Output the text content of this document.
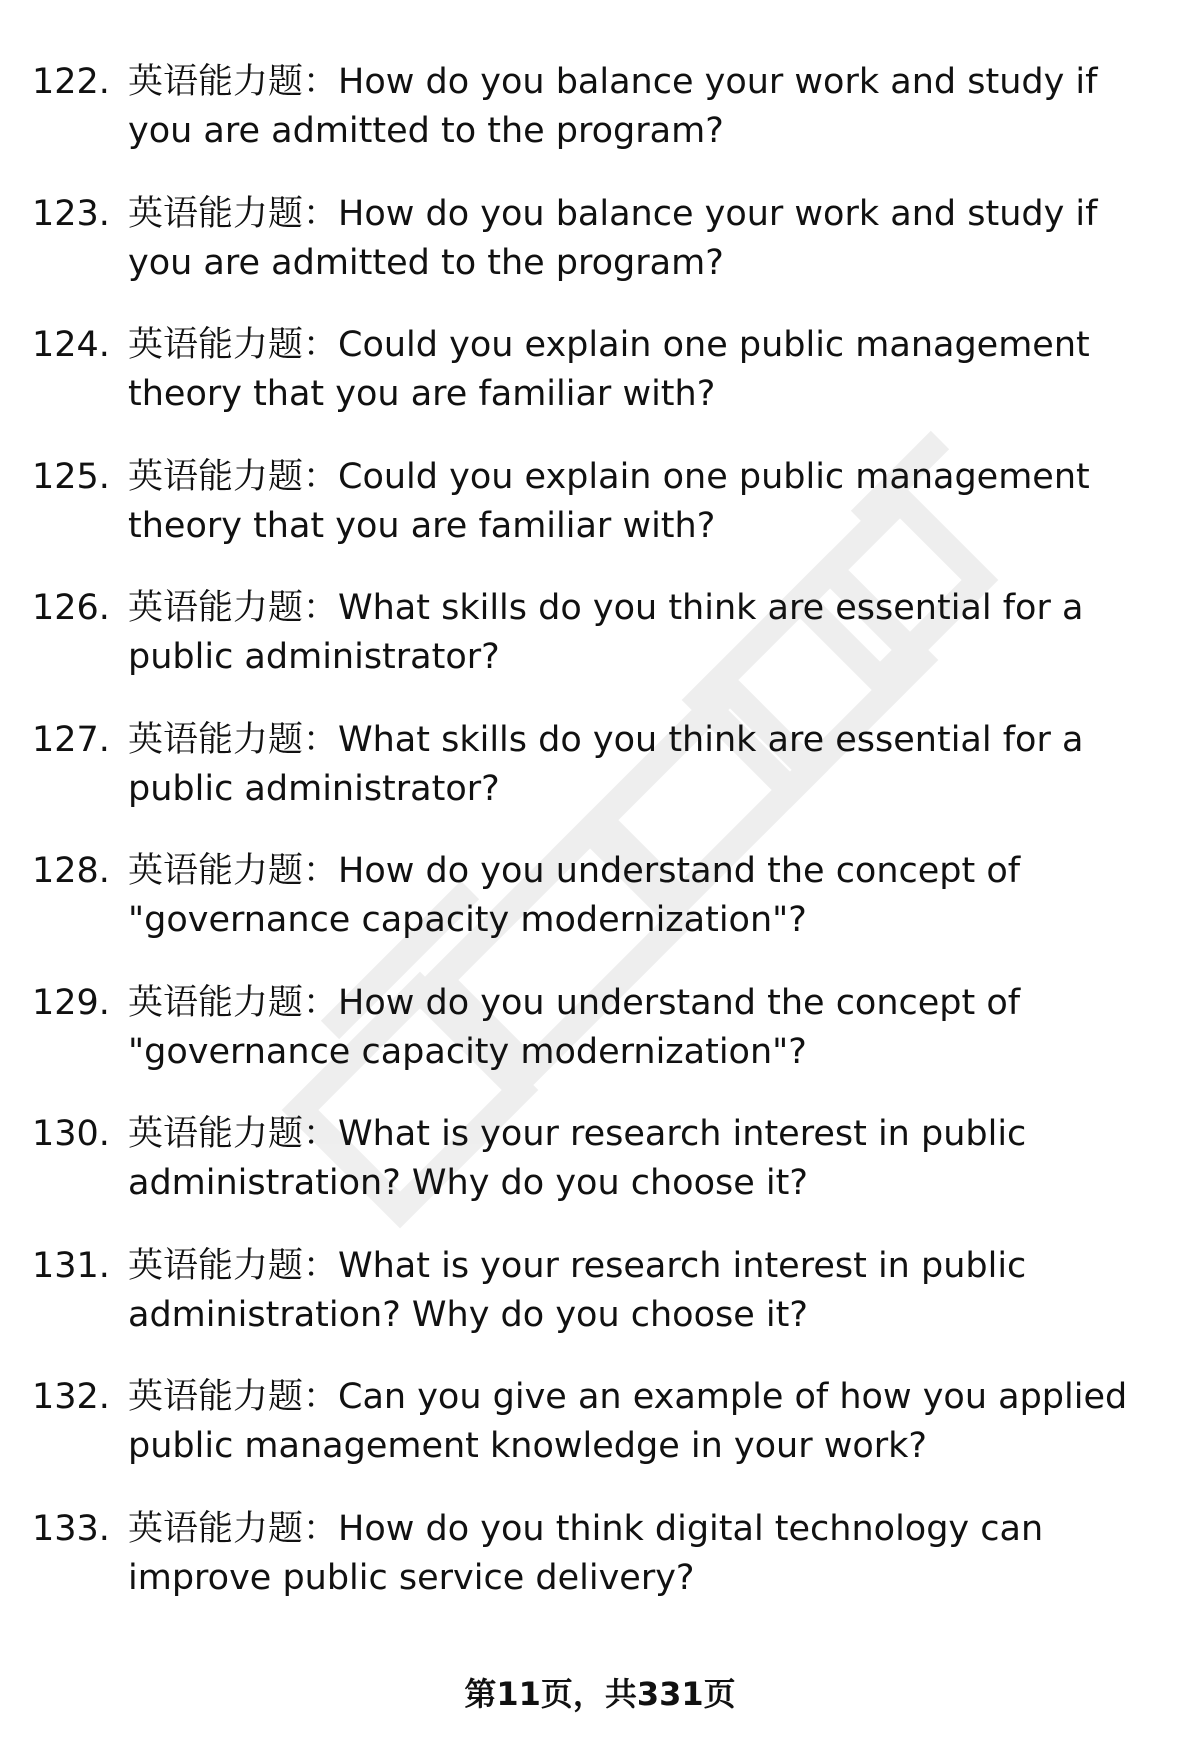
122. 英语能力题：How do you balance your work and study if
you are admitted to the program?
123. 英语能力题：How do you balance your work and study if
you are admitted to the program?
124. 英语能力题：Could you explain one public management
theory that you are familiar with?
125. 英语能力题：Could you explain one public management
theory that you are familiar with?
126. 英语能力题：What skills do you think are essential for a
public administrator?
127. 英语能力题：What skills do you think are essential for a
public administrator?
128. 英语能力题：How do you understand the concept of
"governance capacity modernization"?
129. 英语能力题：How do you understand the concept of
"governance capacity modernization"?
130. 英语能力题：What is your research interest in public
administration? Why do you choose it?
131. 英语能力题：What is your research interest in public
administration? Why do you choose it?
132. 英语能力题：Can you give an example of how you applied
public management knowledge in your work?
133. 英语能力题：How do you think digital technology can
improve public service delivery?
第11页，共331页
